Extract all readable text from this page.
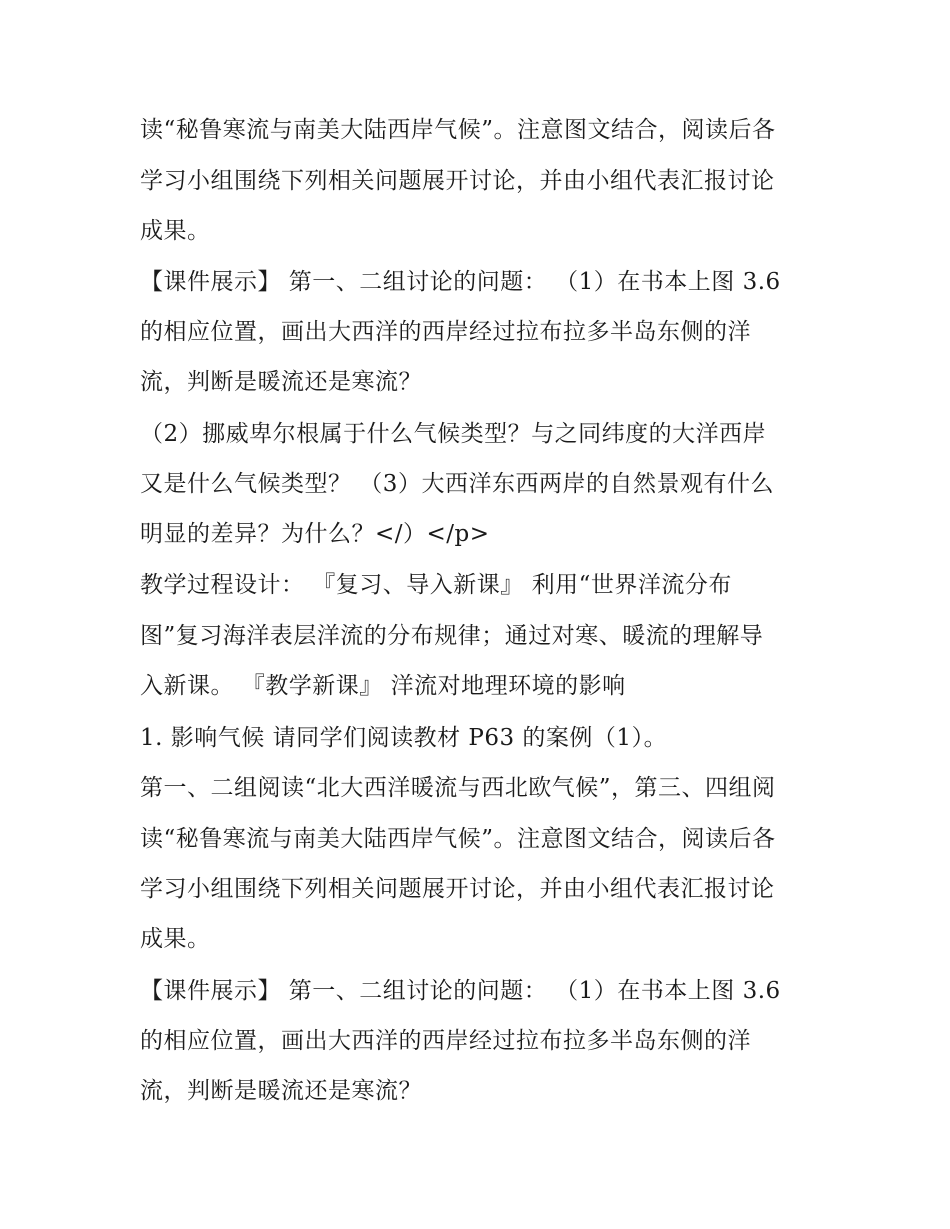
读“秘鲁寒流与南美大陆西岸气候”。注意图文结合，阅读后各
学习小组围绕下列相关问题展开讨论，并由小组代表汇报讨论
成果。
【课件展示】 第一、二组讨论的问题： （1）在书本上图 3.6
的相应位置，画出大西洋的西岸经过拉布拉多半岛东侧的洋
流，判断是暖流还是寒流？
（2）挪威卑尔根属于什么气候类型？与之同纬度的大洋西岸
又是什么气候类型？ （3）大西洋东西两岸的自然景观有什么
明显的差异？为什么？</）</p>
教学过程设计： 『复习、导入新课』 利用“世界洋流分布
图”复习海洋表层洋流的分布规律；通过对寒、暖流的理解导
入新课。 『教学新课』 洋流对地理环境的影响
1. 影响气候 请同学们阅读教材 P63 的案例（1）。
第一、二组阅读“北大西洋暖流与西北欧气候”，第三、四组阅
读“秘鲁寒流与南美大陆西岸气候”。注意图文结合，阅读后各
学习小组围绕下列相关问题展开讨论，并由小组代表汇报讨论
成果。
【课件展示】 第一、二组讨论的问题： （1）在书本上图 3.6
的相应位置，画出大西洋的西岸经过拉布拉多半岛东侧的洋
流，判断是暖流还是寒流？
